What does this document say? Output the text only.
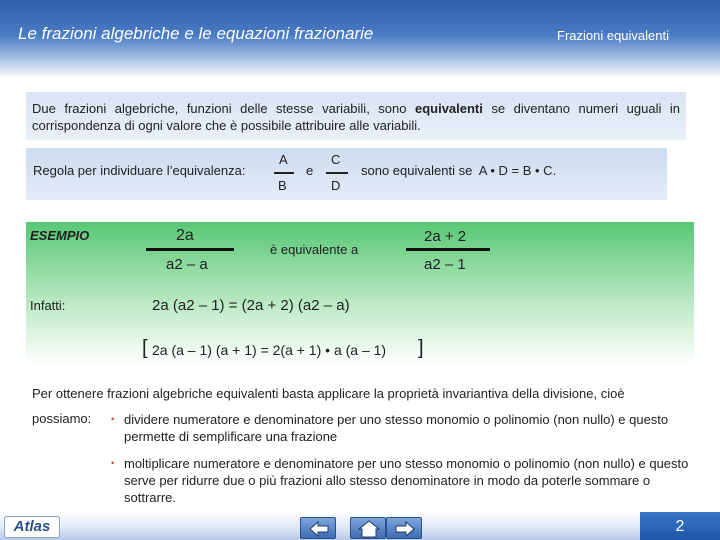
Le frazioni algebriche e le equazioni frazionarie	Frazioni equivalenti
Due frazioni algebriche, funzioni delle stesse variabili, sono equivalenti se diventano numeri uguali in corrispondenza di ogni valore che è possibile attribuire alle variabili.
Regola per individuare l’equivalenza:
A
B
e
C
D
sono equivalenti se  A • D = B • C.
ESEMPIO	2a
a2 – a
è equivalente a
2a + 2
a2 – 1
Infatti:	2a (a2 – 1) = (2a + 2) (a2 – a)
[ 2a (a – 1) (a + 1) = 2(a + 1) • a (a – 1) ]
Per ottenere frazioni algebriche equivalenti basta applicare la proprietà invariantiva della divisione, cioè
possiamo: • dividere numeratore e denominatore per uno stesso monomio o polinomio (non nullo) e questo permette di semplificare una frazione
• moltiplicare numeratore e denominatore per uno stesso monomio o polinomio (non nullo) e questo serve per ridurre due o più frazioni allo stesso denominatore in modo da poterle sommare o sottrarre.
Atlas	2
